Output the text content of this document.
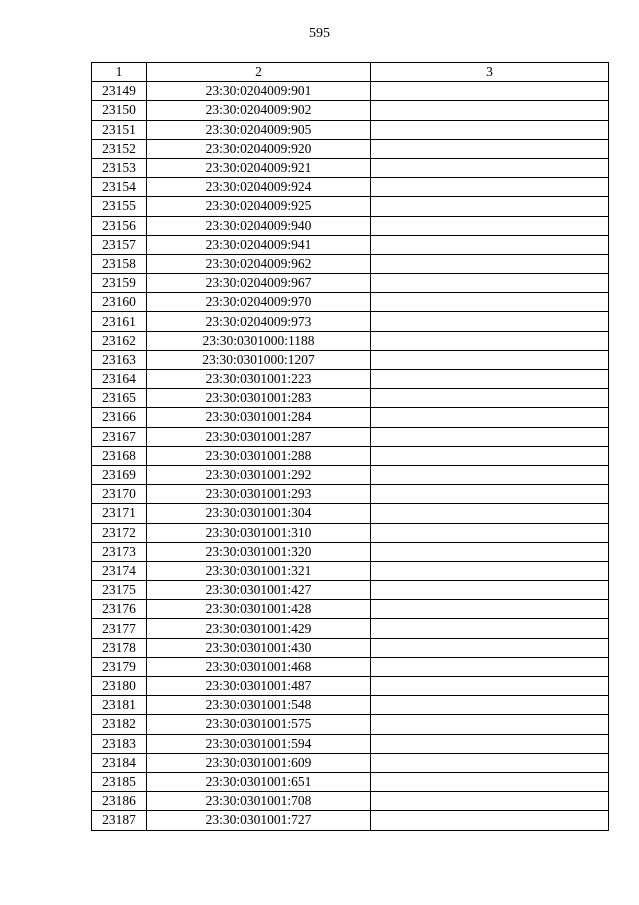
595
1	2	3
23149	23:30:0204009:901	
23150	23:30:0204009:902	
23151	23:30:0204009:905	
23152	23:30:0204009:920	
23153	23:30:0204009:921	
23154	23:30:0204009:924	
23155	23:30:0204009:925	
23156	23:30:0204009:940	
23157	23:30:0204009:941	
23158	23:30:0204009:962	
23159	23:30:0204009:967	
23160	23:30:0204009:970	
23161	23:30:0204009:973	
23162	23:30:0301000:1188	
23163	23:30:0301000:1207	
23164	23:30:0301001:223	
23165	23:30:0301001:283	
23166	23:30:0301001:284	
23167	23:30:0301001:287	
23168	23:30:0301001:288	
23169	23:30:0301001:292	
23170	23:30:0301001:293	
23171	23:30:0301001:304	
23172	23:30:0301001:310	
23173	23:30:0301001:320	
23174	23:30:0301001:321	
23175	23:30:0301001:427	
23176	23:30:0301001:428	
23177	23:30:0301001:429	
23178	23:30:0301001:430	
23179	23:30:0301001:468	
23180	23:30:0301001:487	
23181	23:30:0301001:548	
23182	23:30:0301001:575	
23183	23:30:0301001:594	
23184	23:30:0301001:609	
23185	23:30:0301001:651	
23186	23:30:0301001:708	
23187	23:30:0301001:727	
